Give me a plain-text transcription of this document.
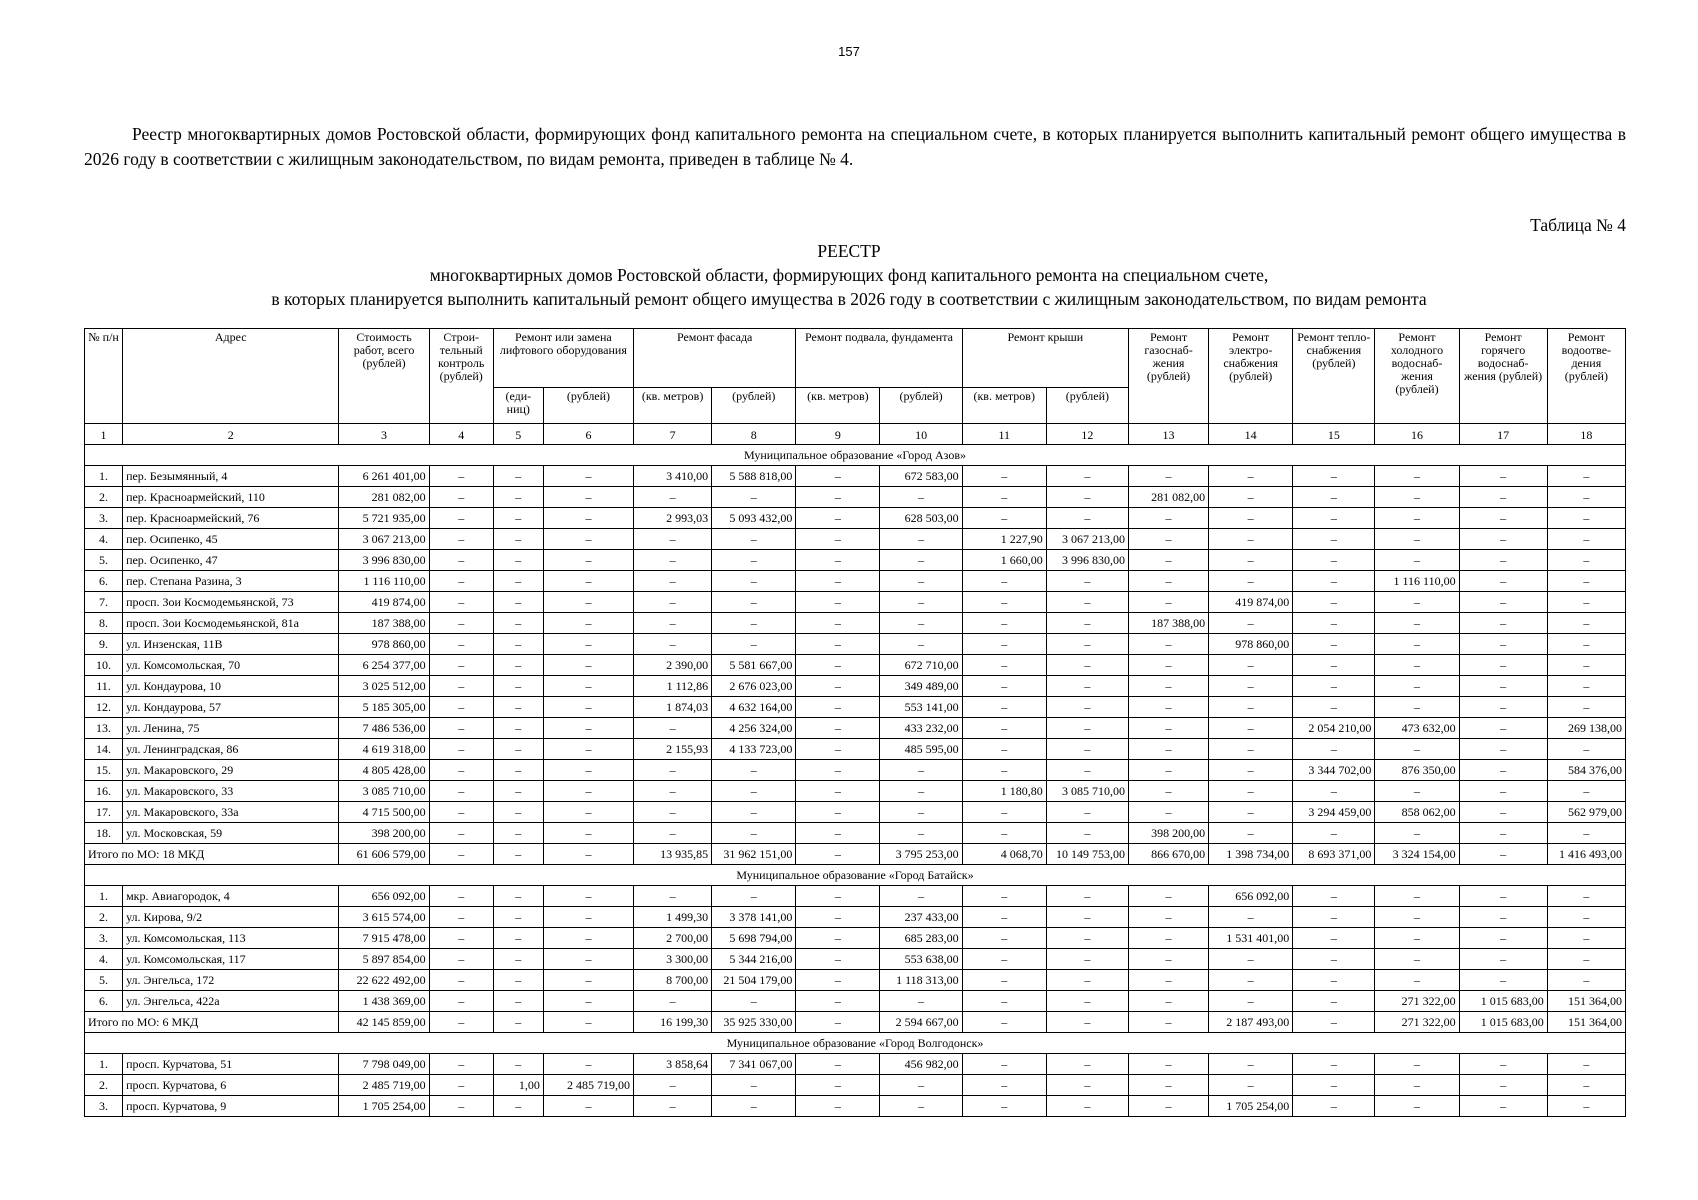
157
Реестр многоквартирных домов Ростовской области, формирующих фонд капитального ремонта на специальном счете, в которых планируется выполнить капитальный ремонт общего имущества в 2026 году в соответствии с жилищным законодательством, по видам ремонта, приведен в таблице № 4.
Таблица № 4
РЕЕСТР
многоквартирных домов Ростовской области, формирующих фонд капитального ремонта на специальном счете,
в которых планируется выполнить капитальный ремонт общего имущества в 2026 году в соответствии с жилищным законодательством, по видам ремонта
№ п/н	Адрес	Стоимость работ, всего (рублей)	Строи-тельный контроль (рублей)	Ремонт или замена лифтового оборудования		Ремонт фасада		Ремонт подвала, фундамента		Ремонт крыши		Ремонт газоснаб-жения (рублей)	Ремонт электро-снабжения (рублей)	Ремонт тепло-снабжения (рублей)	Ремонт холодного водоснаб-жения (рублей)	Ремонт горячего водоснаб-жения (рублей)	Ремонт водоотве-дения (рублей)
				(еди-ниц)	(рублей)	(кв. метров)	(рублей)	(кв. метров)	(рублей)	(кв. метров)	(рублей)						
1	2	3	4	5	6	7	8	9	10	11	12	13	14	15	16	17	18
Муниципальное образование «Город Азов»																	
1.	пер. Безымянный, 4	6 261 401,00	–	–	–	3 410,00	5 588 818,00	–	672 583,00	–	–	–	–	–	–	–	–
2.	пер. Красноармейский, 110	281 082,00	–	–	–	–	–	–	–	–	–	281 082,00	–	–	–	–	–
3.	пер. Красноармейский, 76	5 721 935,00	–	–	–	2 993,03	5 093 432,00	–	628 503,00	–	–	–	–	–	–	–	–
4.	пер. Осипенко, 45	3 067 213,00	–	–	–	–	–	–	–	1 227,90	3 067 213,00	–	–	–	–	–	–
5.	пер. Осипенко, 47	3 996 830,00	–	–	–	–	–	–	–	1 660,00	3 996 830,00	–	–	–	–	–	–
6.	пер. Степана Разина, 3	1 116 110,00	–	–	–	–	–	–	–	–	–	–	–	–	1 116 110,00	–	–
7.	просп. Зои Космодемьянской, 73	419 874,00	–	–	–	–	–	–	–	–	–	–	419 874,00	–	–	–	–
8.	просп. Зои Космодемьянской, 81а	187 388,00	–	–	–	–	–	–	–	–	–	187 388,00	–	–	–	–	–
9.	ул. Инзенская, 11В	978 860,00	–	–	–	–	–	–	–	–	–	–	978 860,00	–	–	–	–
10.	ул. Комсомольская, 70	6 254 377,00	–	–	–	2 390,00	5 581 667,00	–	672 710,00	–	–	–	–	–	–	–	–
11.	ул. Кондаурова, 10	3 025 512,00	–	–	–	1 112,86	2 676 023,00	–	349 489,00	–	–	–	–	–	–	–	–
12.	ул. Кондаурова, 57	5 185 305,00	–	–	–	1 874,03	4 632 164,00	–	553 141,00	–	–	–	–	–	–	–	–
13.	ул. Ленина, 75	7 486 536,00	–	–	–	–	4 256 324,00	–	433 232,00	–	–	–	–	2 054 210,00	473 632,00	–	269 138,00
14.	ул. Ленинградская, 86	4 619 318,00	–	–	–	2 155,93	4 133 723,00	–	485 595,00	–	–	–	–	–	–	–	–
15.	ул. Макаровского, 29	4 805 428,00	–	–	–	–	–	–	–	–	–	–	–	3 344 702,00	876 350,00	–	584 376,00
16.	ул. Макаровского, 33	3 085 710,00	–	–	–	–	–	–	–	1 180,80	3 085 710,00	–	–	–	–	–	–
17.	ул. Макаровского, 33а	4 715 500,00	–	–	–	–	–	–	–	–	–	–	–	3 294 459,00	858 062,00	–	562 979,00
18.	ул. Московская, 59	398 200,00	–	–	–	–	–	–	–	–	–	398 200,00	–	–	–	–	–
Итого по МО: 18 МКД		61 606 579,00	–	–	–	13 935,85	31 962 151,00	–	3 795 253,00	4 068,70	10 149 753,00	866 670,00	1 398 734,00	8 693 371,00	3 324 154,00	–	1 416 493,00
Муниципальное образование «Город Батайск»																	
1.	мкр. Авиагородок, 4	656 092,00	–	–	–	–	–	–	–	–	–	–	656 092,00	–	–	–	–
2.	ул. Кирова, 9/2	3 615 574,00	–	–	–	1 499,30	3 378 141,00	–	237 433,00	–	–	–	–	–	–	–	–
3.	ул. Комсомольская, 113	7 915 478,00	–	–	–	2 700,00	5 698 794,00	–	685 283,00	–	–	–	1 531 401,00	–	–	–	–
4.	ул. Комсомольская, 117	5 897 854,00	–	–	–	3 300,00	5 344 216,00	–	553 638,00	–	–	–	–	–	–	–	–
5.	ул. Энгельса, 172	22 622 492,00	–	–	–	8 700,00	21 504 179,00	–	1 118 313,00	–	–	–	–	–	–	–	–
6.	ул. Энгельса, 422а	1 438 369,00	–	–	–	–	–	–	–	–	–	–	–	–	271 322,00	1 015 683,00	151 364,00
Итого по МО: 6 МКД		42 145 859,00	–	–	–	16 199,30	35 925 330,00	–	2 594 667,00	–	–	–	2 187 493,00	–	271 322,00	1 015 683,00	151 364,00
Муниципальное образование «Город Волгодонск»																	
1.	просп. Курчатова, 51	7 798 049,00	–	–	–	3 858,64	7 341 067,00	–	456 982,00	–	–	–	–	–	–	–	–
2.	просп. Курчатова, 6	2 485 719,00	–	1,00	2 485 719,00	–	–	–	–	–	–	–	–	–	–	–	–
3.	просп. Курчатова, 9	1 705 254,00	–	–	–	–	–	–	–	–	–	–	1 705 254,00	–	–	–	–
